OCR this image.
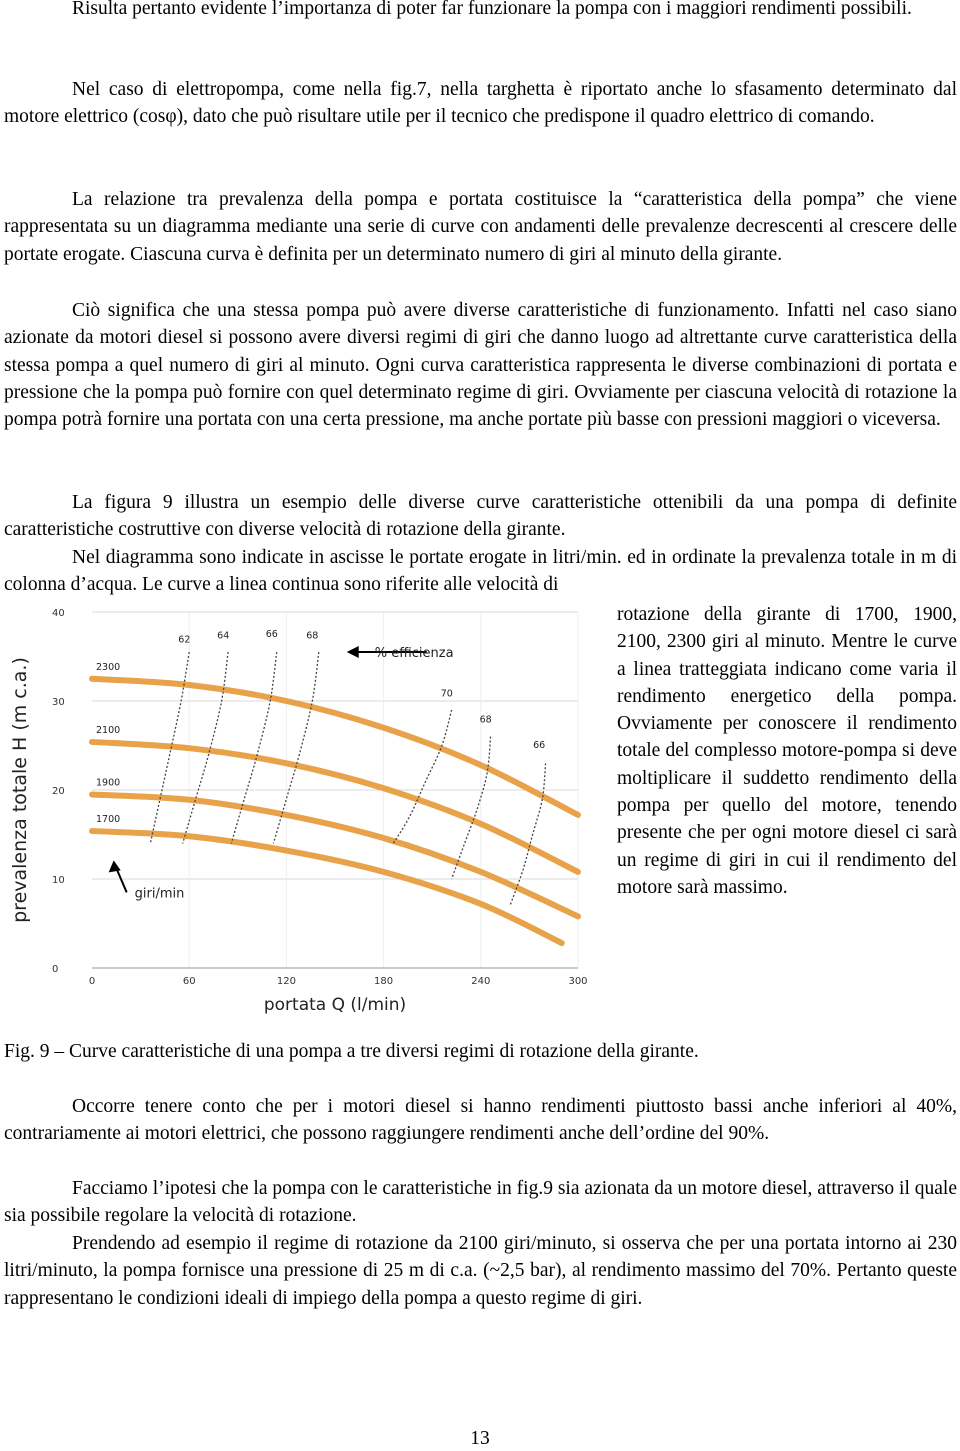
Risulta pertanto evidente l’importanza di poter far funzionare la pompa con i maggiori rendimenti possibili.

Nel caso di elettropompa, come nella fig.7, nella targhetta è riportato anche lo sfasamento determinato dal motore elettrico (cosφ), dato che può risultare utile per il tecnico che predispone il quadro elettrico di comando.

La relazione tra prevalenza della pompa e portata costituisce la “caratteristica della pompa” che viene rappresentata su un diagramma mediante una serie di curve con andamenti delle prevalenze decrescenti al crescere delle portate erogate. Ciascuna curva è definita per un determinato numero di giri al minuto della girante.

Ciò significa che una stessa pompa può avere diverse caratteristiche di funzionamento. Infatti nel caso siano azionate da motori diesel si possono avere diversi regimi di giri che danno luogo ad altrettante curve caratteristica della stessa pompa a quel numero di giri al minuto. Ogni curva caratteristica rappresenta le diverse combinazioni di portata e pressione che la pompa può fornire con quel determinato regime di giri. Ovviamente per ciascuna velocità di rotazione la pompa potrà fornire una portata con una certa pressione, ma anche portate più basse con pressioni maggiori o viceversa.

La figura 9 illustra un esempio delle diverse curve caratteristiche ottenibili da una pompa di definite caratteristiche costruttive con diverse velocità di rotazione della girante.

Nel diagramma sono indicate in ascisse le portate erogate in litri/min. ed in ordinate la prevalenza totale in m di colonna d’acqua. Le curve a linea continua sono riferite alle velocità di

rotazione della girante di 1700, 1900, 2100, 2300 giri al minuto. Mentre le curve a linea tratteggiata indicano come varia il rendimento energetico della pompa. Ovviamente per conoscere il rendimento totale del complesso motore-pompa si deve moltiplicare il suddetto rendimento della pompa per quello del motore, tenendo presente che per ogni motore diesel ci sarà un regime di giri in cui il rendimento del motore sarà massimo.

0
10
20
30
40
0	60	120	180	240	300
portata Q (l/min)
prevalenza totale H (m c.a.)	1700
1900
2100
2300
62	64	66	68
70
68
66
% efficienza
giri/min

Fig. 9 – Curve caratteristiche di una pompa a tre diversi regimi di rotazione della girante.

Occorre tenere conto che per i motori diesel si hanno rendimenti piuttosto bassi anche inferiori al 40%, contrariamente ai motori elettrici, che possono raggiungere rendimenti anche dell’ordine del 90%.

Facciamo l’ipotesi che la pompa con le caratteristiche in fig.9 sia azionata da un motore diesel, attraverso il quale sia possibile regolare la velocità di rotazione.

Prendendo ad esempio il regime di rotazione da 2100 giri/minuto, si osserva che per una portata intorno ai 230 litri/minuto, la pompa fornisce una pressione di 25 m di c.a. (~2,5 bar), al rendimento massimo del 70%. Pertanto queste rappresentano le condizioni ideali di impiego della pompa a questo regime di giri.

13
